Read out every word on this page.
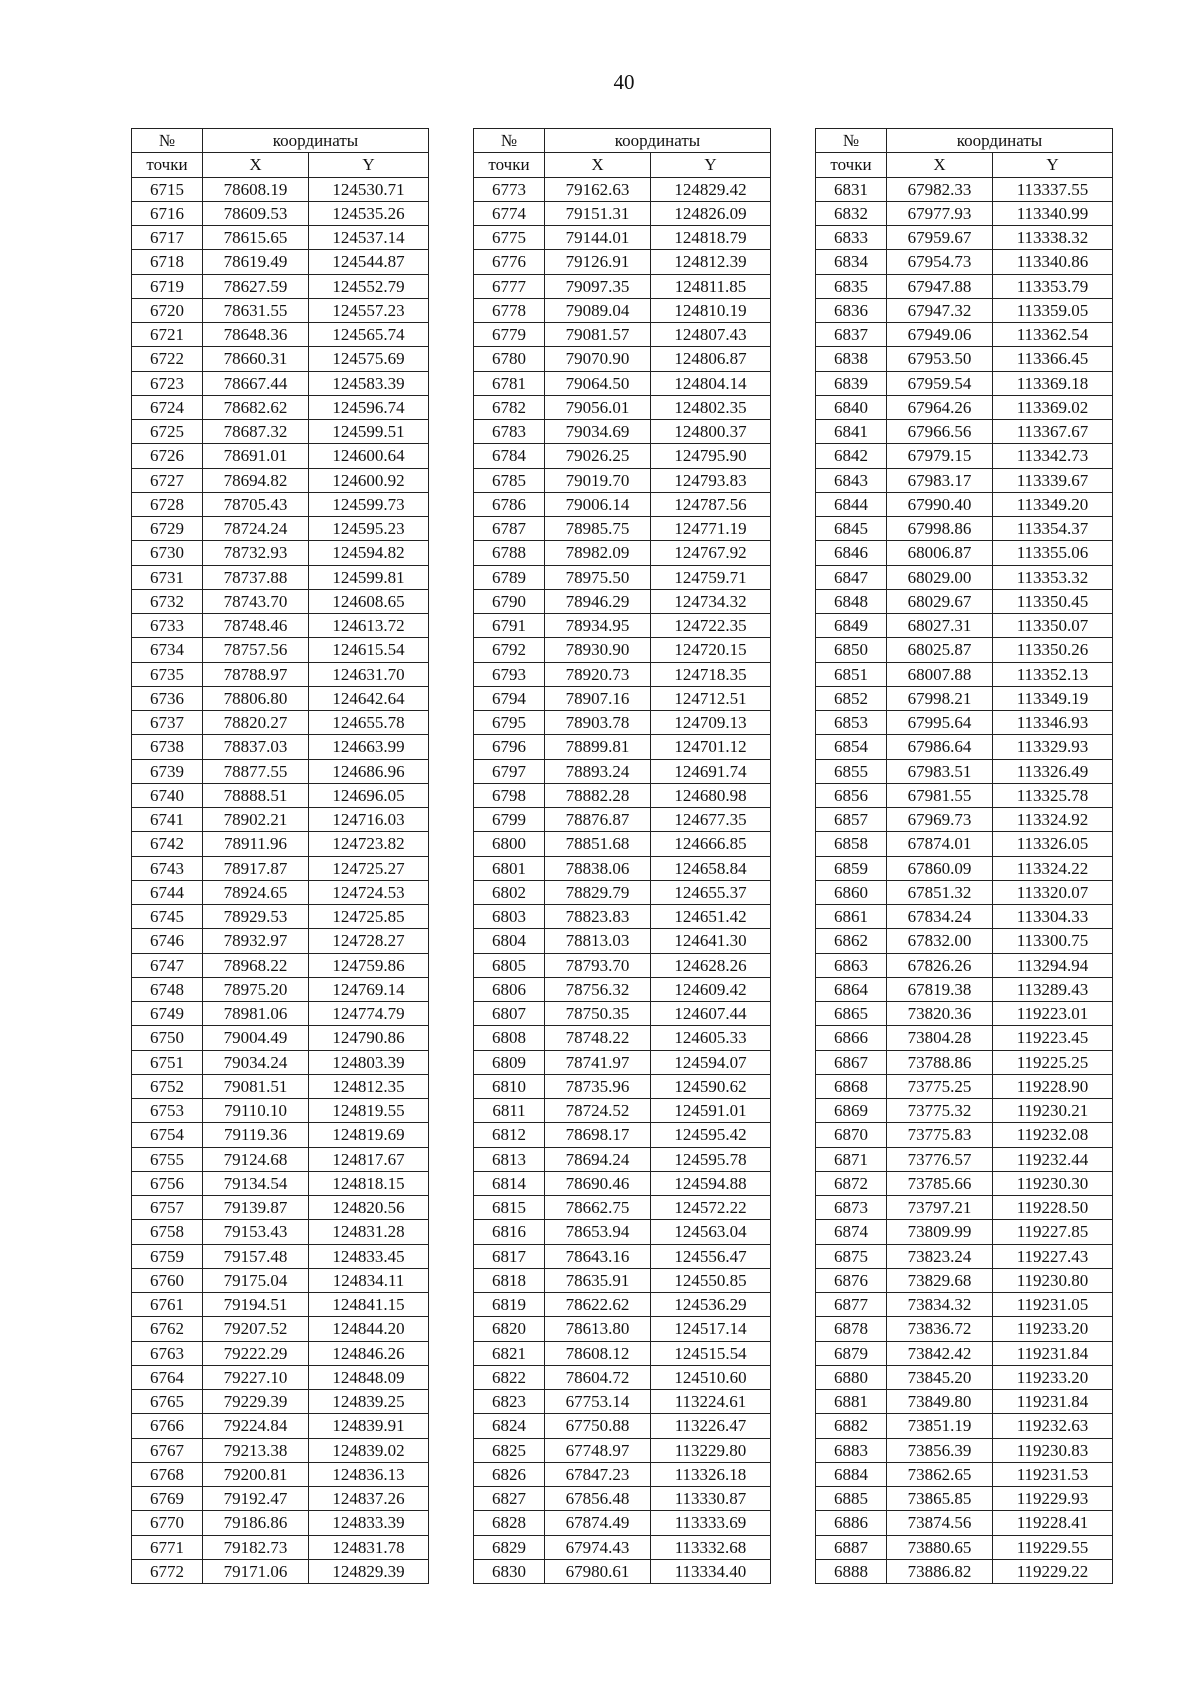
40
№	координаты	
точки	X	Y
6715	78608.19	124530.71
6716	78609.53	124535.26
6717	78615.65	124537.14
6718	78619.49	124544.87
6719	78627.59	124552.79
6720	78631.55	124557.23
6721	78648.36	124565.74
6722	78660.31	124575.69
6723	78667.44	124583.39
6724	78682.62	124596.74
6725	78687.32	124599.51
6726	78691.01	124600.64
6727	78694.82	124600.92
6728	78705.43	124599.73
6729	78724.24	124595.23
6730	78732.93	124594.82
6731	78737.88	124599.81
6732	78743.70	124608.65
6733	78748.46	124613.72
6734	78757.56	124615.54
6735	78788.97	124631.70
6736	78806.80	124642.64
6737	78820.27	124655.78
6738	78837.03	124663.99
6739	78877.55	124686.96
6740	78888.51	124696.05
6741	78902.21	124716.03
6742	78911.96	124723.82
6743	78917.87	124725.27
6744	78924.65	124724.53
6745	78929.53	124725.85
6746	78932.97	124728.27
6747	78968.22	124759.86
6748	78975.20	124769.14
6749	78981.06	124774.79
6750	79004.49	124790.86
6751	79034.24	124803.39
6752	79081.51	124812.35
6753	79110.10	124819.55
6754	79119.36	124819.69
6755	79124.68	124817.67
6756	79134.54	124818.15
6757	79139.87	124820.56
6758	79153.43	124831.28
6759	79157.48	124833.45
6760	79175.04	124834.11
6761	79194.51	124841.15
6762	79207.52	124844.20
6763	79222.29	124846.26
6764	79227.10	124848.09
6765	79229.39	124839.25
6766	79224.84	124839.91
6767	79213.38	124839.02
6768	79200.81	124836.13
6769	79192.47	124837.26
6770	79186.86	124833.39
6771	79182.73	124831.78
6772	79171.06	124829.39
№	координаты	
точки	X	Y
6773	79162.63	124829.42
6774	79151.31	124826.09
6775	79144.01	124818.79
6776	79126.91	124812.39
6777	79097.35	124811.85
6778	79089.04	124810.19
6779	79081.57	124807.43
6780	79070.90	124806.87
6781	79064.50	124804.14
6782	79056.01	124802.35
6783	79034.69	124800.37
6784	79026.25	124795.90
6785	79019.70	124793.83
6786	79006.14	124787.56
6787	78985.75	124771.19
6788	78982.09	124767.92
6789	78975.50	124759.71
6790	78946.29	124734.32
6791	78934.95	124722.35
6792	78930.90	124720.15
6793	78920.73	124718.35
6794	78907.16	124712.51
6795	78903.78	124709.13
6796	78899.81	124701.12
6797	78893.24	124691.74
6798	78882.28	124680.98
6799	78876.87	124677.35
6800	78851.68	124666.85
6801	78838.06	124658.84
6802	78829.79	124655.37
6803	78823.83	124651.42
6804	78813.03	124641.30
6805	78793.70	124628.26
6806	78756.32	124609.42
6807	78750.35	124607.44
6808	78748.22	124605.33
6809	78741.97	124594.07
6810	78735.96	124590.62
6811	78724.52	124591.01
6812	78698.17	124595.42
6813	78694.24	124595.78
6814	78690.46	124594.88
6815	78662.75	124572.22
6816	78653.94	124563.04
6817	78643.16	124556.47
6818	78635.91	124550.85
6819	78622.62	124536.29
6820	78613.80	124517.14
6821	78608.12	124515.54
6822	78604.72	124510.60
6823	67753.14	113224.61
6824	67750.88	113226.47
6825	67748.97	113229.80
6826	67847.23	113326.18
6827	67856.48	113330.87
6828	67874.49	113333.69
6829	67974.43	113332.68
6830	67980.61	113334.40
№	координаты	
точки	X	Y
6831	67982.33	113337.55
6832	67977.93	113340.99
6833	67959.67	113338.32
6834	67954.73	113340.86
6835	67947.88	113353.79
6836	67947.32	113359.05
6837	67949.06	113362.54
6838	67953.50	113366.45
6839	67959.54	113369.18
6840	67964.26	113369.02
6841	67966.56	113367.67
6842	67979.15	113342.73
6843	67983.17	113339.67
6844	67990.40	113349.20
6845	67998.86	113354.37
6846	68006.87	113355.06
6847	68029.00	113353.32
6848	68029.67	113350.45
6849	68027.31	113350.07
6850	68025.87	113350.26
6851	68007.88	113352.13
6852	67998.21	113349.19
6853	67995.64	113346.93
6854	67986.64	113329.93
6855	67983.51	113326.49
6856	67981.55	113325.78
6857	67969.73	113324.92
6858	67874.01	113326.05
6859	67860.09	113324.22
6860	67851.32	113320.07
6861	67834.24	113304.33
6862	67832.00	113300.75
6863	67826.26	113294.94
6864	67819.38	113289.43
6865	73820.36	119223.01
6866	73804.28	119223.45
6867	73788.86	119225.25
6868	73775.25	119228.90
6869	73775.32	119230.21
6870	73775.83	119232.08
6871	73776.57	119232.44
6872	73785.66	119230.30
6873	73797.21	119228.50
6874	73809.99	119227.85
6875	73823.24	119227.43
6876	73829.68	119230.80
6877	73834.32	119231.05
6878	73836.72	119233.20
6879	73842.42	119231.84
6880	73845.20	119233.20
6881	73849.80	119231.84
6882	73851.19	119232.63
6883	73856.39	119230.83
6884	73862.65	119231.53
6885	73865.85	119229.93
6886	73874.56	119228.41
6887	73880.65	119229.55
6888	73886.82	119229.22
